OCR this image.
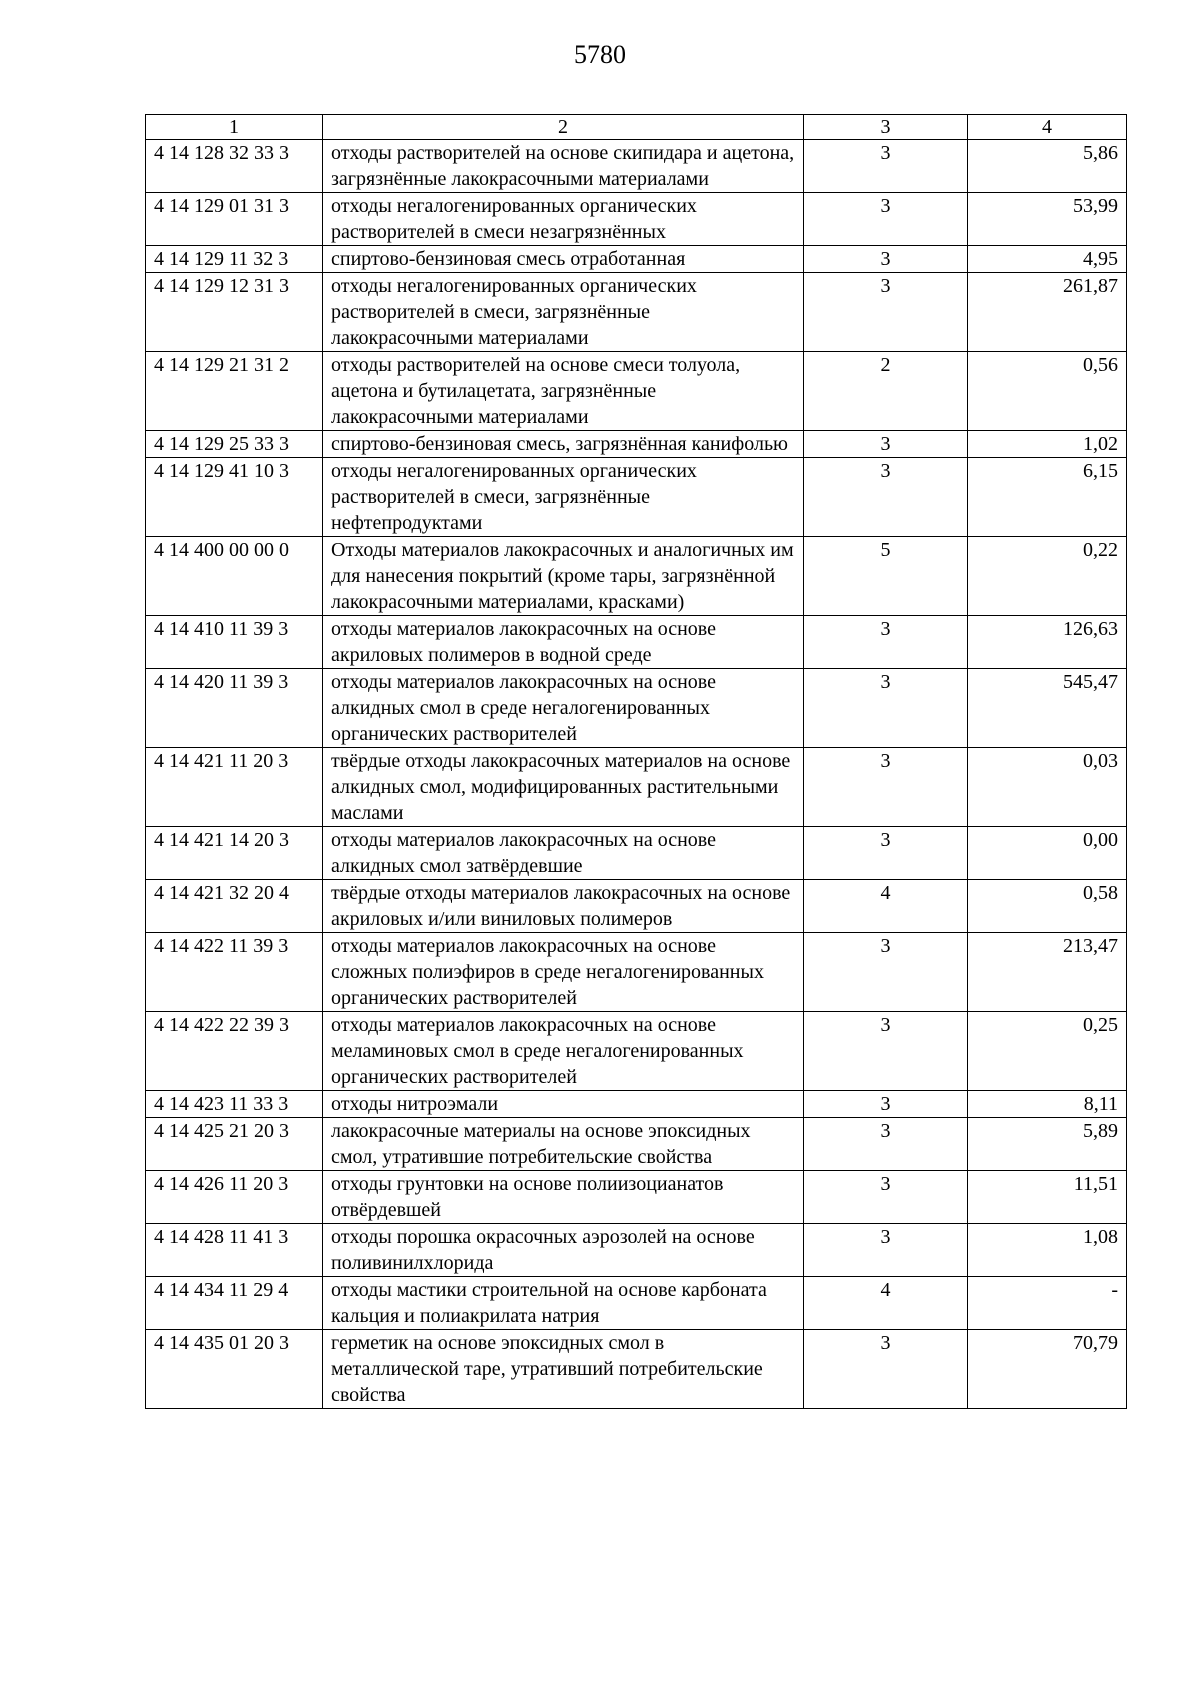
5780
1	2	3	4
4 14 128 32 33 3	отходы растворителей на основе скипидара и ацетона, загрязнённые лакокрасочными материалами	3	5,86
4 14 129 01 31 3	отходы негалогенированных органических растворителей в смеси незагрязнённых	3	53,99
4 14 129 11 32 3	спиртово-бензиновая смесь отработанная	3	4,95
4 14 129 12 31 3	отходы негалогенированных органических растворителей в смеси, загрязнённые лакокрасочными материалами	3	261,87
4 14 129 21 31 2	отходы растворителей на основе смеси толуола, ацетона и бутилацетата, загрязнённые лакокрасочными материалами	2	0,56
4 14 129 25 33 3	спиртово-бензиновая смесь, загрязнённая канифолью	3	1,02
4 14 129 41 10 3	отходы негалогенированных органических растворителей в смеси, загрязнённые нефтепродуктами	3	6,15
4 14 400 00 00 0	Отходы материалов лакокрасочных и аналогичных им для нанесения покрытий (кроме тары, загрязнённой лакокрасочными материалами, красками)	5	0,22
4 14 410 11 39 3	отходы материалов лакокрасочных на основе акриловых полимеров в водной среде	3	126,63
4 14 420 11 39 3	отходы материалов лакокрасочных на основе алкидных смол в среде негалогенированных органических растворителей	3	545,47
4 14 421 11 20 3	твёрдые отходы лакокрасочных материалов на основе алкидных смол, модифицированных растительными маслами	3	0,03
4 14 421 14 20 3	отходы материалов лакокрасочных на основе алкидных смол затвёрдевшие	3	0,00
4 14 421 32 20 4	твёрдые отходы материалов лакокрасочных на основе акриловых и/или виниловых полимеров	4	0,58
4 14 422 11 39 3	отходы материалов лакокрасочных на основе сложных полиэфиров в среде негалогенированных органических растворителей	3	213,47
4 14 422 22 39 3	отходы материалов лакокрасочных на основе меламиновых смол в среде негалогенированных органических растворителей	3	0,25
4 14 423 11 33 3	отходы нитроэмали	3	8,11
4 14 425 21 20 3	лакокрасочные материалы на основе эпоксидных смол, утратившие потребительские свойства	3	5,89
4 14 426 11 20 3	отходы грунтовки на основе полиизоцианатов отвёрдевшей	3	11,51
4 14 428 11 41 3	отходы порошка окрасочных аэрозолей на основе поливинилхлорида	3	1,08
4 14 434 11 29 4	отходы мастики строительной на основе карбоната кальция и полиакрилата натрия	4	-
4 14 435 01 20 3	герметик на основе эпоксидных смол в металлической таре, утративший потребительские свойства	3	70,79
